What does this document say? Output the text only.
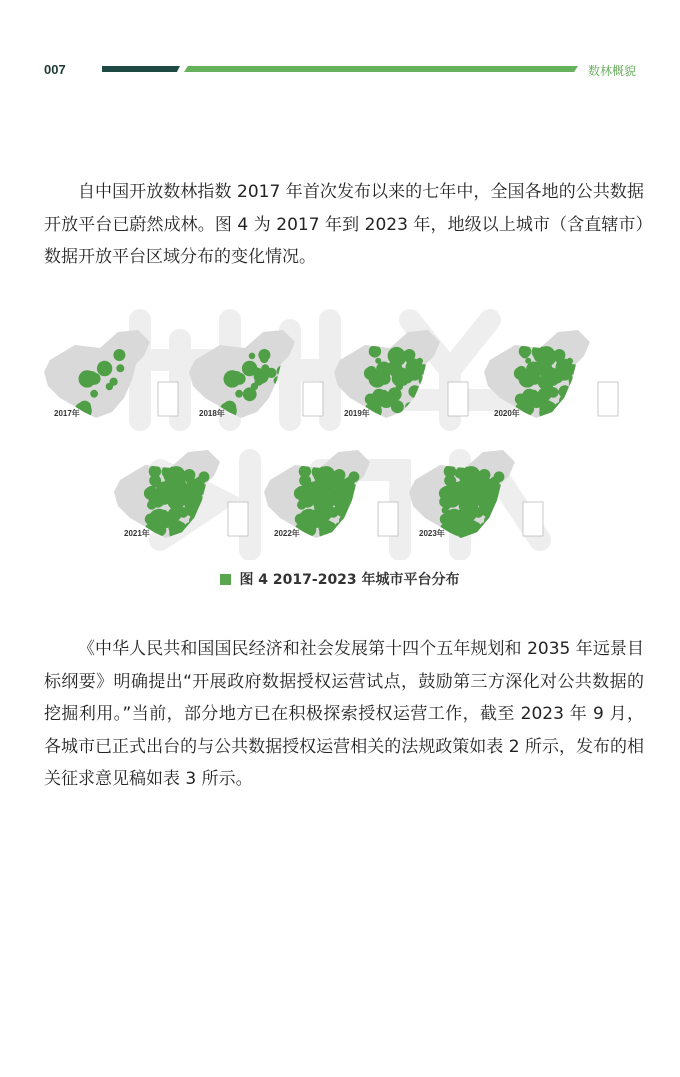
007	数林概貌

自中国开放数林指数 2017 年首次发布以来的七年中，全国各地的公共数据开放平台已蔚然成林。图 4 为 2017 年到 2023 年，地级以上城市（含直辖市）数据开放平台区域分布的变化情况。

2017年	2018年	2019年	2020年
2021年	2022年	2023年
图 4 2017-2023 年城市平台分布

《中华人民共和国国民经济和社会发展第十四个五年规划和 2035 年远景目标纲要》明确提出“开展政府数据授权运营试点，鼓励第三方深化对公共数据的挖掘利用。”当前，部分地方已在积极探索授权运营工作，截至 2023 年 9 月，各城市已正式出台的与公共数据授权运营相关的法规政策如表 2 所示，发布的相关征求意见稿如表 3 所示。
